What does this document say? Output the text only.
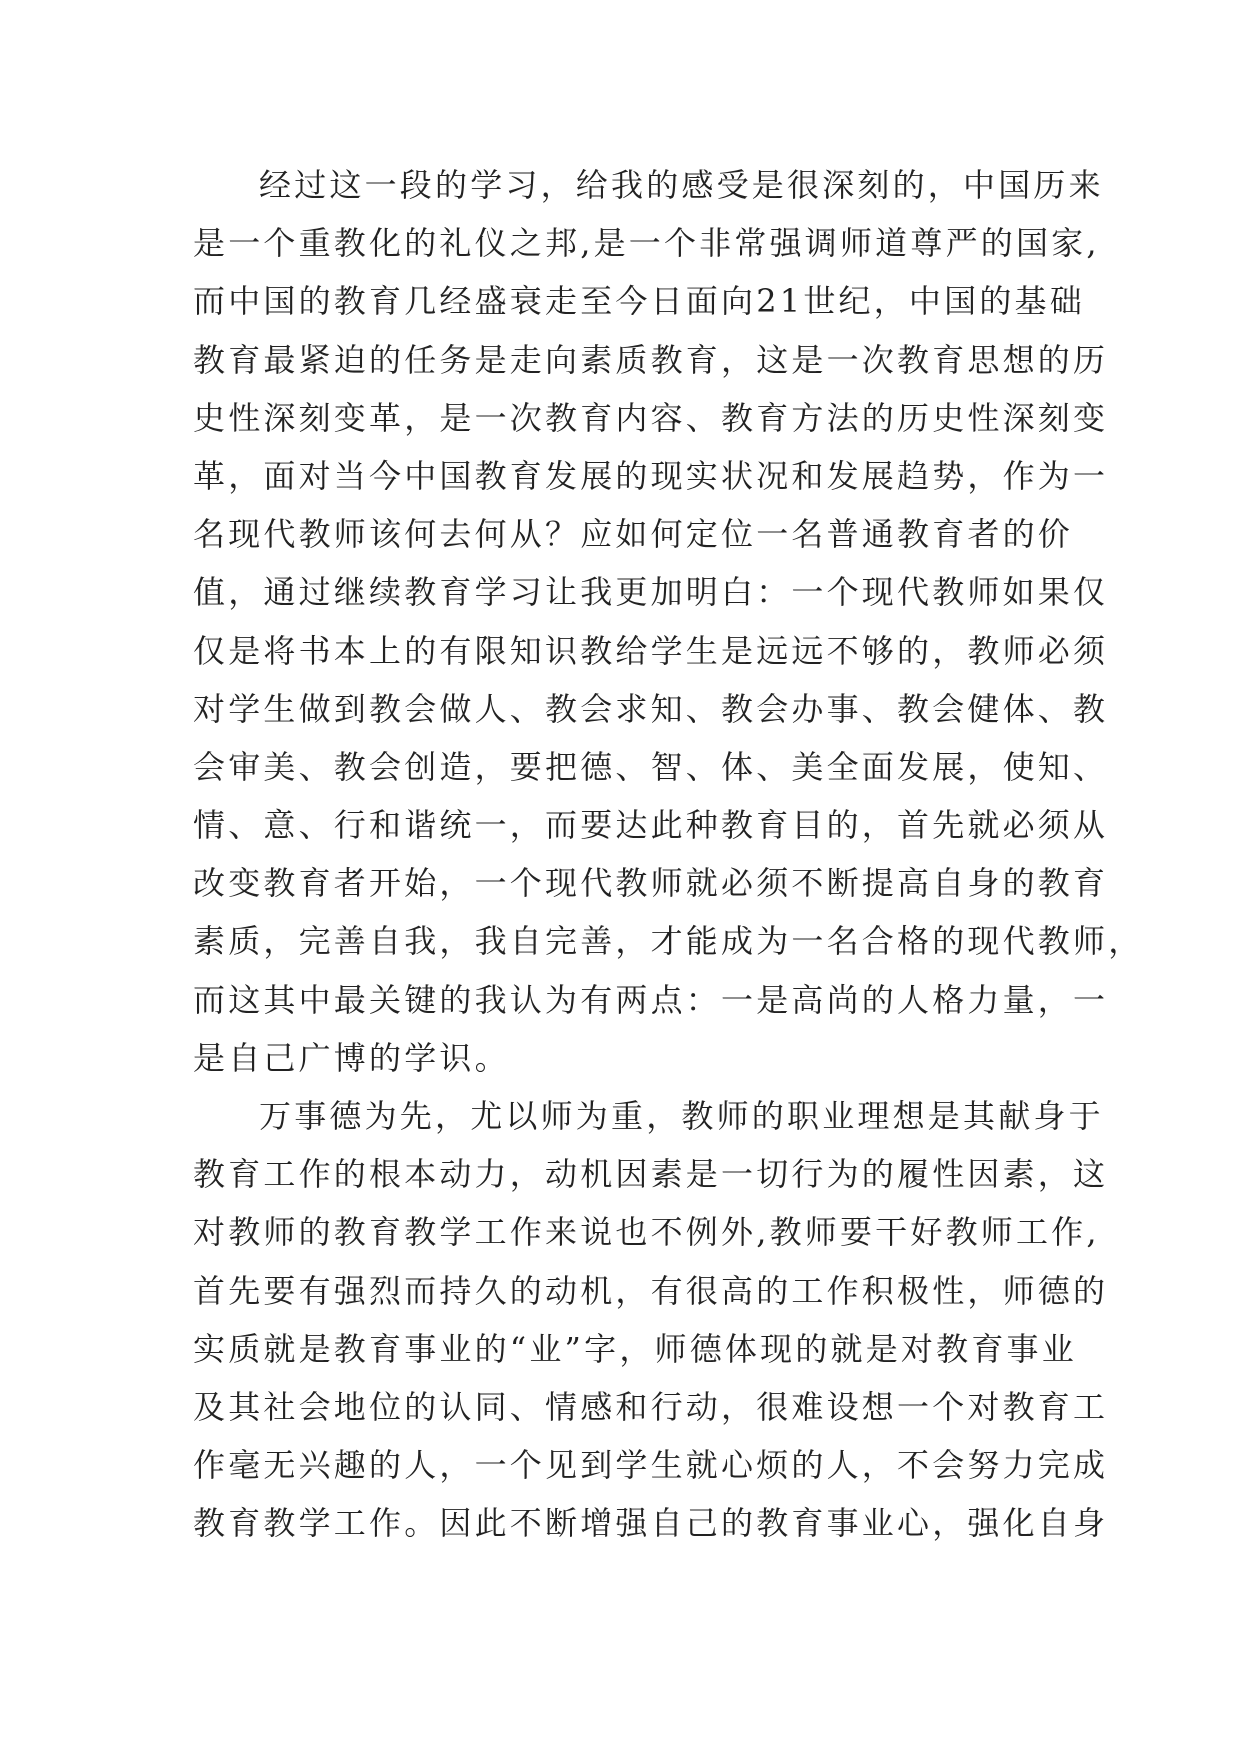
经过这一段的学习，给我的感受是很深刻的，中国历来
是一个重教化的礼仪之邦,是一个非常强调师道尊严的国家,
而中国的教育几经盛衰走至今日面向21世纪，中国的基础
教育最紧迫的任务是走向素质教育，这是一次教育思想的历
史性深刻变革，是一次教育内容、教育方法的历史性深刻变
革，面对当今中国教育发展的现实状况和发展趋势，作为一
名现代教师该何去何从？应如何定位一名普通教育者的价
值，通过继续教育学习让我更加明白：一个现代教师如果仅
仅是将书本上的有限知识教给学生是远远不够的，教师必须
对学生做到教会做人、教会求知、教会办事、教会健体、教
会审美、教会创造，要把德、智、体、美全面发展，使知、
情、意、行和谐统一，而要达此种教育目的，首先就必须从
改变教育者开始，一个现代教师就必须不断提高自身的教育
素质，完善自我，我自完善，才能成为一名合格的现代教师，
而这其中最关键的我认为有两点：一是高尚的人格力量，一
是自己广博的学识。
万事德为先，尤以师为重，教师的职业理想是其献身于
教育工作的根本动力，动机因素是一切行为的履性因素，这
对教师的教育教学工作来说也不例外,教师要干好教师工作,
首先要有强烈而持久的动机，有很高的工作积极性，师德的
实质就是教育事业的“业”字，师德体现的就是对教育事业
及其社会地位的认同、情感和行动，很难设想一个对教育工
作毫无兴趣的人，一个见到学生就心烦的人，不会努力完成
教育教学工作。因此不断增强自己的教育事业心，强化自身
